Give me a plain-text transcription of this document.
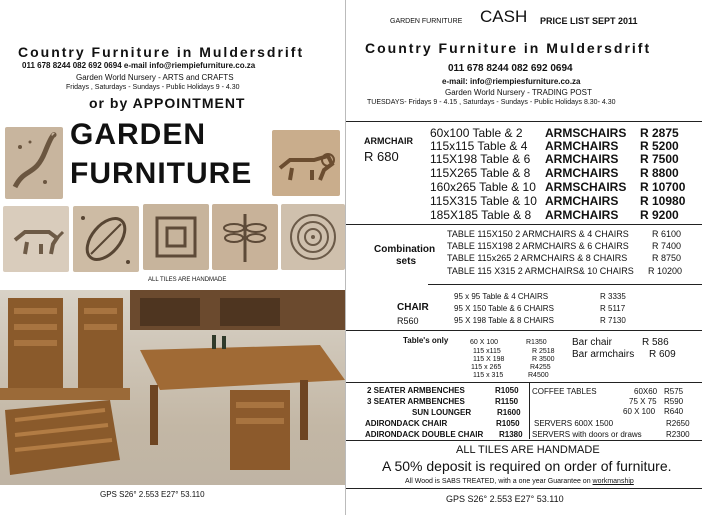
Country Furniture in Muldersdrift
011 678 8244 082 692 0694 e-mail info@riempiefurniture.co.za
Garden World Nursery - ARTS and CRAFTS
Fridays , Saturdays - Sundays - Public Holidays 9 - 4.30
or by APPOINTMENT
GARDEN
FURNITURE
ALL TILES ARE HANDMADE
GPS S26° 2.553 E27° 53.110
GARDEN FURNITURE CASH PRICE LIST SEPT 2011
Country Furniture in Muldersdrift
011 678 8244 082 692 0694
e-mail: info@riempiesfurniture.co.za
Garden World Nursery - TRADING POST
TUESDAYS- Fridays 9 - 4.15 , Saturdays - Sundays - Public Holidays 8.30- 4.30
ARMCHAIR
R 680
60x100 Table & 2 ARMSCHAIRS R 2875
115x115 Table & 4 ARMCHAIRS R 5200
115X198 Table & 6 ARMCHAIRS R 7500
115X265 Table & 8 ARMCHAIRS R 8800
160x265 Table & 10 ARMSCHAIRS R 10700
115X315 Table & 10 ARMCHAIRS R 10980
185X185 Table & 8 ARMCHAIRS R 9200
Combination
sets
TABLE 115X150 2 ARMCHAIRS & 4 CHAIRS	R 6100
TABLE 115X198 2 ARMCHAIRS & 6 CHAIRS	R 7400
TABLE 115x265 2 ARMCHAIRS & 8 CHAIRS	R 8750
TABLE 115 X315 2 ARMCHAIRS& 10 CHAIRS R 10200
CHAIR
R560
95 x 95 Table & 4 CHAIRS	R 3335
95 X 150 Table & 6 CHAIRS	R 5117
95 X 198 Table & 8 CHAIRS	R 7130
Table's only	60 X 100	R1350
115 x115	R 2518
115 X 198	R 3500
115 x 265	R4255
115 x 315	R4500
Bar chair	R 586
Bar armchairs R 609
2 SEATER ARMBENCHES	R1050
3 SEATER ARMBENCHES	R1150
SUN LOUNGER	R1600
ADIRONDACK CHAIR	R1050
ADIRONDACK DOUBLE CHAIR R1380
COFFEE TABLES	60X60 R575
75 X 75 R590
60 X 100 R640
SERVERS 600X 1500	R2650
SERVERS with doors or draws	R2300
ALL TILES ARE HANDMADE
A 50% deposit is required on order of furniture.
All Wood is SABS TREATED, with a one year Guarantee on workmanship
GPS S26° 2.553 E27° 53.110
